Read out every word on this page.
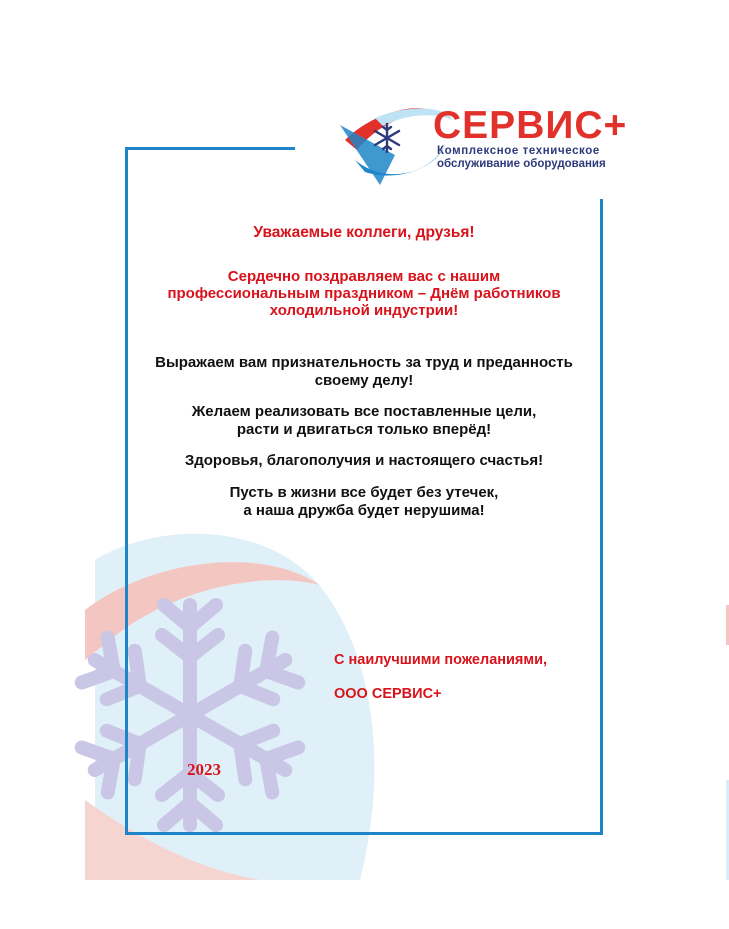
СЕРВИС+
Комплексное техническое
обслуживание оборудования
Уважаемые коллеги, друзья!
Сердечно поздравляем вас с нашим
профессиональным праздником – Днём работников
холодильной индустрии!
Выражаем вам признательность за труд и преданность
своему делу!
Желаем реализовать все поставленные цели,
расти и двигаться только вперёд!
Здоровья, благополучия и настоящего счастья!
Пусть в жизни все будет без утечек,
а наша дружба будет нерушима!
С наилучшими пожеланиями,
ООО СЕРВИС+
2023
